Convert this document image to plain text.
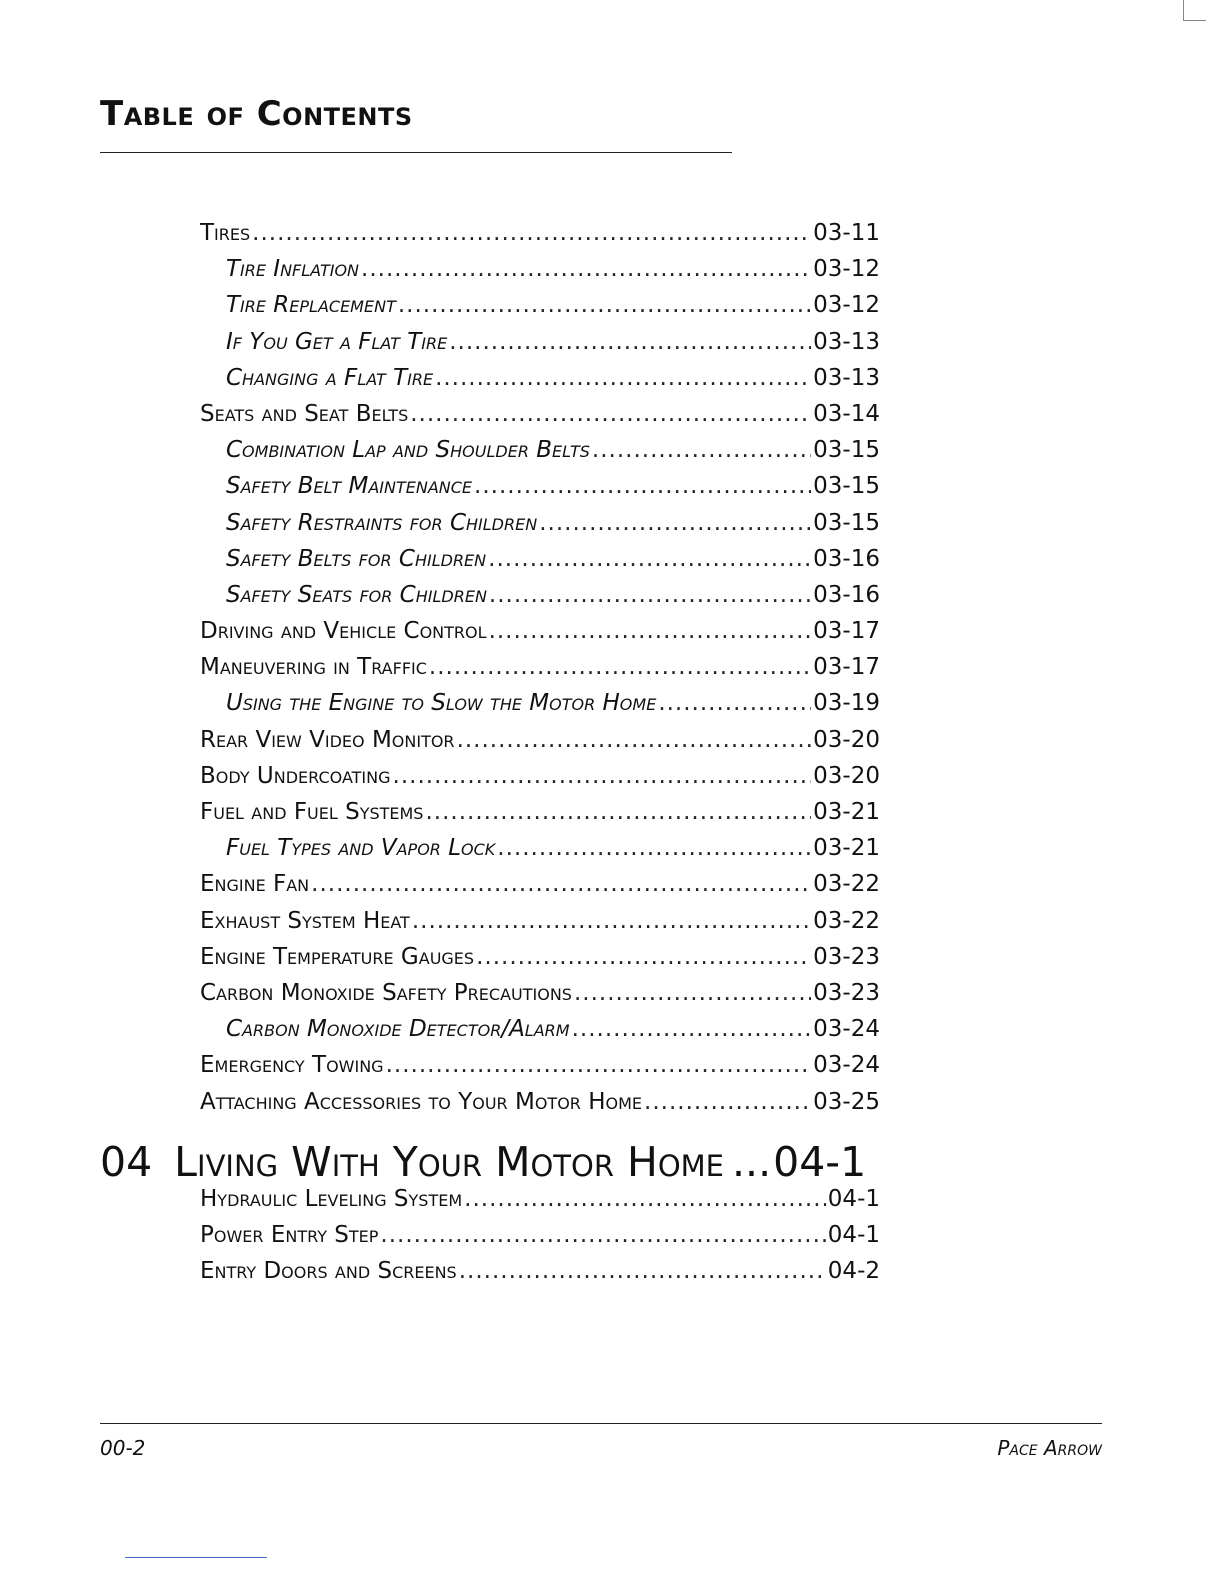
Table of Contents
Tires .....	03-11
Tire Inflation .....	03-12
Tire Replacement .....	03-12
If You Get a Flat Tire .....	03-13
Changing a Flat Tire .....	03-13
Seats and Seat Belts .....	03-14
Combination Lap and Shoulder Belts .....	03-15
Safety Belt Maintenance .....	03-15
Safety Restraints for Children .....	03-15
Safety Belts for Children .....	03-16
Safety Seats for Children .....	03-16
Driving and Vehicle Control .....	03-17
Maneuvering in Traffic .....	03-17
Using the Engine to Slow the Motor Home .....	03-19
Rear View Video Monitor .....	03-20
Body Undercoating .....	03-20
Fuel and Fuel Systems .....	03-21
Fuel Types and Vapor Lock .....	03-21
Engine Fan .....	03-22
Exhaust System Heat .....	03-22
Engine Temperature Gauges .....	03-23
Carbon Monoxide Safety Precautions .....	03-23
Carbon Monoxide Detector/Alarm .....	03-24
Emergency Towing .....	03-24
Attaching Accessories to Your Motor Home .....	03-25
04 Living With Your Motor Home ... 04-1
Hydraulic Leveling System .....	04-1
Power Entry Step .....	04-1
Entry Doors and Screens .....	04-2
00-2	Pace Arrow
